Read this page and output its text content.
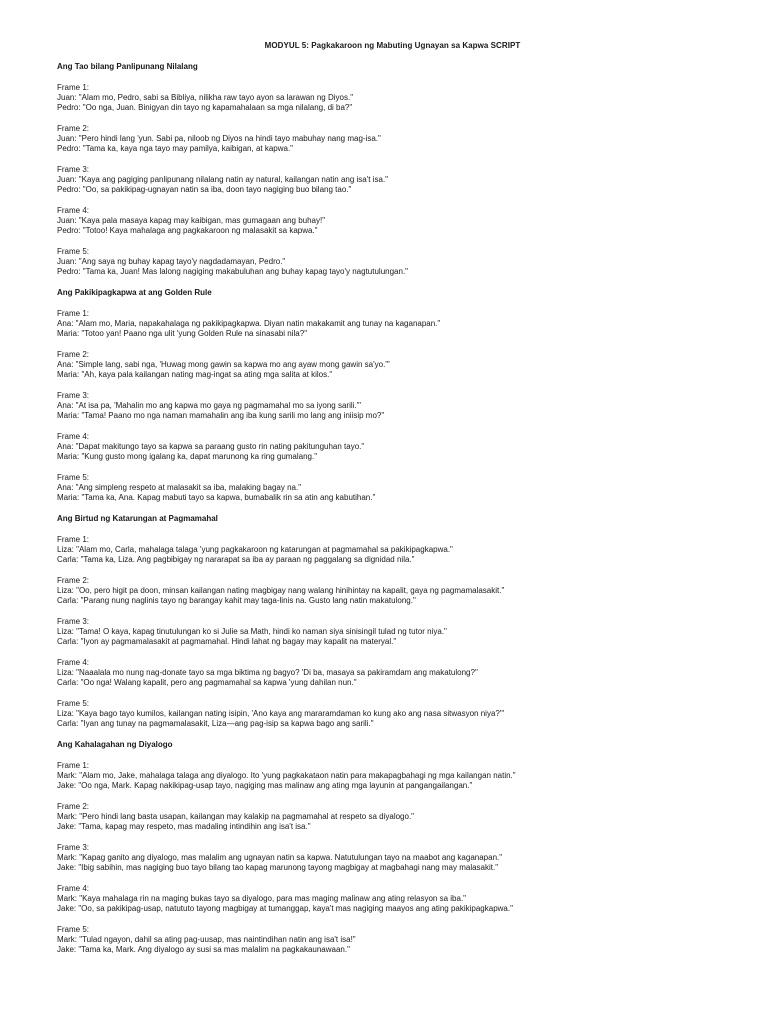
MODYUL 5: Pagkakaroon ng Mabuting Ugnayan sa Kapwa SCRIPT
Ang Tao bilang Panlipunang Nilalang
Frame 1:
Juan: "Alam mo, Pedro, sabi sa Bibliya, nilikha raw tayo ayon sa larawan ng Diyos."
Pedro: "Oo nga, Juan. Binigyan din tayo ng kapamahalaan sa mga nilalang, di ba?"
Frame 2:
Juan: "Pero hindi lang 'yun. Sabi pa, niloob ng Diyos na hindi tayo mabuhay nang mag-isa."
Pedro: "Tama ka, kaya nga tayo may pamilya, kaibigan, at kapwa."
Frame 3:
Juan: "Kaya ang pagiging panlipunang nilalang natin ay natural, kailangan natin ang isa't isa."
Pedro: "Oo, sa pakikipag-ugnayan natin sa iba, doon tayo nagiging buo bilang tao."
Frame 4:
Juan: "Kaya pala masaya kapag may kaibigan, mas gumagaan ang buhay!"
Pedro: "Totoo! Kaya mahalaga ang pagkakaroon ng malasakit sa kapwa."
Frame 5:
Juan: "Ang saya ng buhay kapag tayo'y nagdadamayan, Pedro."
Pedro: "Tama ka, Juan! Mas lalong nagiging makabuluhan ang buhay kapag tayo'y nagtutulungan."
Ang Pakikipagkapwa at ang Golden Rule
Frame 1:
Ana: "Alam mo, Maria, napakahalaga ng pakikipagkapwa. Diyan natin makakamit ang tunay na kaganapan."
Maria: "Totoo yan! Paano nga ulit 'yung Golden Rule na sinasabi nila?"
Frame 2:
Ana: "Simple lang, sabi nga, 'Huwag mong gawin sa kapwa mo ang ayaw mong gawin sa'yo.'"
Maria: "Ah, kaya pala kailangan nating mag-ingat sa ating mga salita at kilos."
Frame 3:
Ana: "At isa pa, 'Mahalin mo ang kapwa mo gaya ng pagmamahal mo sa iyong sarili.'"
Maria: "Tama! Paano mo nga naman mamahalin ang iba kung sarili mo lang ang iniisip mo?"
Frame 4:
Ana: "Dapat makitungo tayo sa kapwa sa paraang gusto rin nating pakitunguhan tayo."
Maria: "Kung gusto mong igalang ka, dapat marunong ka ring gumalang."
Frame 5:
Ana: "Ang simpleng respeto at malasakit sa iba, malaking bagay na."
Maria: "Tama ka, Ana. Kapag mabuti tayo sa kapwa, bumabalik rin sa atin ang kabutihan."
Ang Birtud ng Katarungan at Pagmamahal
Frame 1:
Liza: "Alam mo, Carla, mahalaga talaga 'yung pagkakaroon ng katarungan at pagmamahal sa pakikipagkapwa."
Carla: "Tama ka, Liza. Ang pagbibigay ng nararapat sa iba ay paraan ng paggalang sa dignidad nila."
Frame 2:
Liza: "Oo, pero higit pa doon, minsan kailangan nating magbigay nang walang hinihintay na kapalit, gaya ng pagmamalasakit."
Carla: "Parang nung naglinis tayo ng barangay kahit may taga-linis na. Gusto lang natin makatulong."
Frame 3:
Liza: "Tama! O kaya, kapag tinutulungan ko si Julie sa Math, hindi ko naman siya sinisingil tulad ng tutor niya."
Carla: "Iyon ay pagmamalasakit at pagmamahal. Hindi lahat ng bagay may kapalit na materyal."
Frame 4:
Liza: "Naaalala mo nung nag-donate tayo sa mga biktima ng bagyo? 'Di ba, masaya sa pakiramdam ang makatulong?"
Carla: "Oo nga! Walang kapalit, pero ang pagmamahal sa kapwa 'yung dahilan nun."
Frame 5:
Liza: "Kaya bago tayo kumilos, kailangan nating isipin, 'Ano kaya ang mararamdaman ko kung ako ang nasa sitwasyon niya?'"
Carla: "Iyan ang tunay na pagmamalasakit, Liza—ang pag-isip sa kapwa bago ang sarili."
Ang Kahalagahan ng Diyalogo
Frame 1:
Mark: "Alam mo, Jake, mahalaga talaga ang diyalogo. Ito 'yung pagkakataon natin para makapagbahagi ng mga kailangan natin."
Jake: "Oo nga, Mark. Kapag nakikipag-usap tayo, nagiging mas malinaw ang ating mga layunin at pangangailangan."
Frame 2:
Mark: "Pero hindi lang basta usapan, kailangan may kalakip na pagmamahal at respeto sa diyalogo."
Jake: "Tama, kapag may respeto, mas madaling intindihin ang isa't isa."
Frame 3:
Mark: "Kapag ganito ang diyalogo, mas malalim ang ugnayan natin sa kapwa. Natutulungan tayo na maabot ang kaganapan."
Jake: "Ibig sabihin, mas nagiging buo tayo bilang tao kapag marunong tayong magbigay at magbahagi nang may malasakit."
Frame 4:
Mark: "Kaya mahalaga rin na maging bukas tayo sa diyalogo, para mas maging malinaw ang ating relasyon sa iba."
Jake: "Oo, sa pakikipag-usap, natututo tayong magbigay at tumanggap, kaya't mas nagiging maayos ang ating pakikipagkapwa."
Frame 5:
Mark: "Tulad ngayon, dahil sa ating pag-uusap, mas naintindihan natin ang isa't isa!"
Jake: "Tama ka, Mark. Ang diyalogo ay susi sa mas malalim na pagkakaunawaan."
